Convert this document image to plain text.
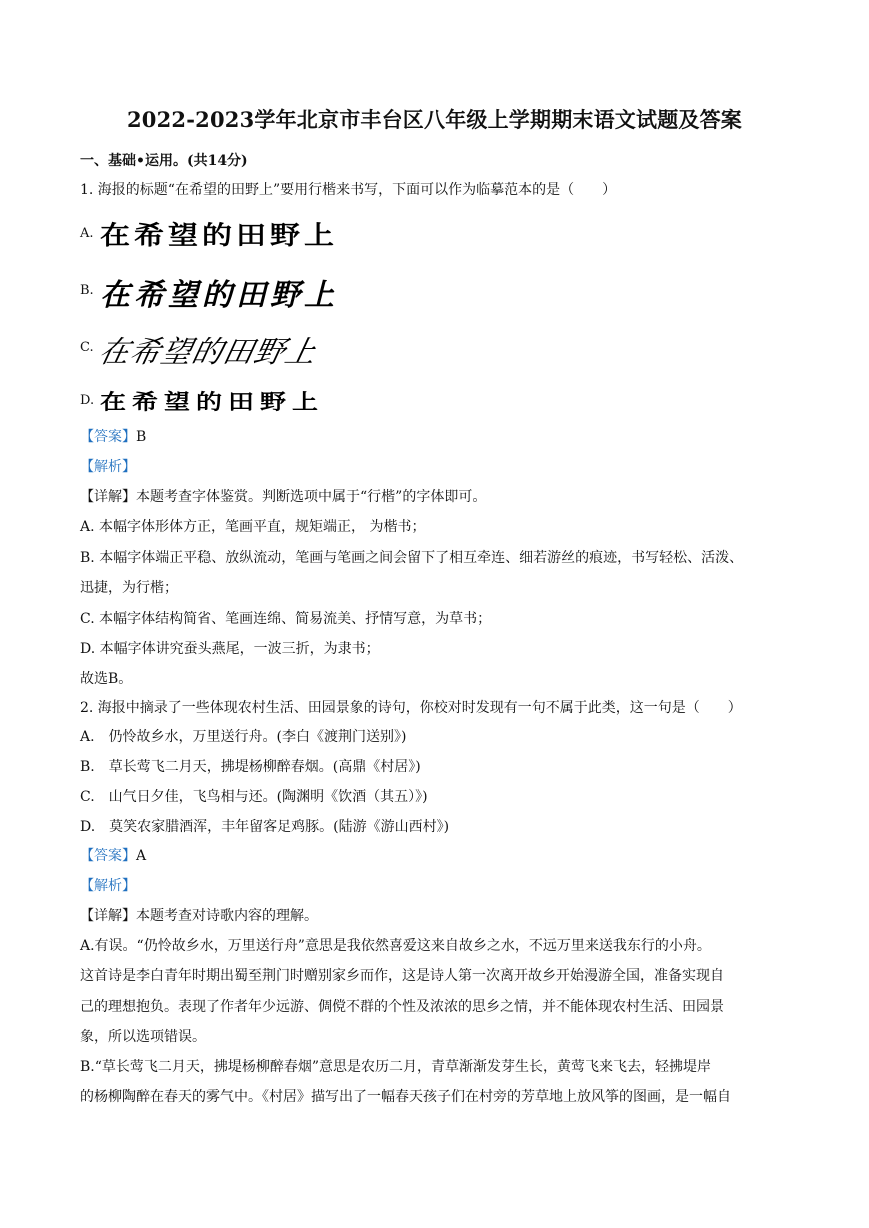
2022-2023学年北京市丰台区八年级上学期期末语文试题及答案
一、基础•运用。(共14分)
1. 海报的标题“在希望的田野上”要用行楷来书写，下面可以作为临摹范本的是（　　）
A. 在希望的田野上
B. 在希望的田野上
C. 在希望的田野上
D. 在希望的田野上
【答案】B
【解析】
【详解】本题考查字体鉴赏。判断选项中属于“行楷”的字体即可。
A. 本幅字体形体方正，笔画平直，规矩端正， 为楷书；
B. 本幅字体端正平稳、放纵流动，笔画与笔画之间会留下了相互牵连、细若游丝的痕迹，书写轻松、活泼、
迅捷，为行楷；
C. 本幅字体结构简省、笔画连绵、简易流美、抒情写意，为草书；
D. 本幅字体讲究蚕头燕尾，一波三折，为隶书；
故选B。
2. 海报中摘录了一些体现农村生活、田园景象的诗句，你校对时发现有一句不属于此类，这一句是（　　）
A.　仍怜故乡水，万里送行舟。(李白《渡荆门送别》)
B.　草长莺飞二月天，拂堤杨柳醉春烟。(高鼎《村居》)
C.　山气日夕佳，飞鸟相与还。(陶渊明《饮酒（其五）》)
D.　莫笑农家腊酒浑，丰年留客足鸡豚。(陆游《游山西村》)
【答案】A
【解析】
【详解】本题考查对诗歌内容的理解。
A.有误。“仍怜故乡水，万里送行舟”意思是我依然喜爱这来自故乡之水，不远万里来送我东行的小舟。
这首诗是李白青年时期出蜀至荆门时赠别家乡而作，这是诗人第一次离开故乡开始漫游全国，准备实现自
己的理想抱负。表现了作者年少远游、倜傥不群的个性及浓浓的思乡之情，并不能体现农村生活、田园景
象，所以选项错误。
B.“草长莺飞二月天，拂堤杨柳醉春烟”意思是农历二月，青草渐渐发芽生长，黄莺飞来飞去，轻拂堤岸
的杨柳陶醉在春天的雾气中。《村居》描写出了一幅春天孩子们在村旁的芳草地上放风筝的图画，是一幅自
